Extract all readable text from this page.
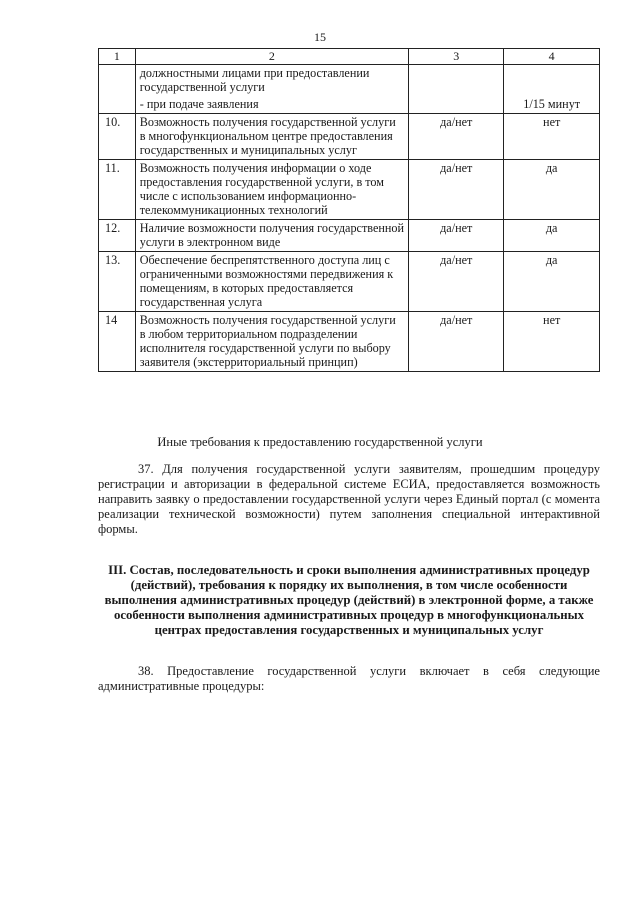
15
1	2	3	4
	должностными лицами при предоставлении государственной услуги		
	- при подаче заявления		1/15 минут
10.	Возможность получения государственной услуги в многофункциональном центре предоставления государственных и муниципальных услуг	да/нет	нет
11.	Возможность получения информации о ходе предоставления государственной услуги, в том числе с использованием информационно-телекоммуникационных технологий	да/нет	да
12.	Наличие возможности получения государственной услуги в электронном виде	да/нет	да
13.	Обеспечение беспрепятственного доступа лиц с ограниченными возможностями передвижения к помещениям, в которых предоставляется государственная услуга	да/нет	да
14	Возможность получения государственной услуги в любом территориальном подразделении исполнителя государственной услуги по выбору заявителя (экстерриториальный принцип)	да/нет	нет
Иные требования к предоставлению государственной услуги

37. Для получения государственной услуги заявителям, прошедшим процедуру регистрации и авторизации в федеральной системе ЕСИА, предоставляется возможность направить заявку о предоставлении государственной услуги через Единый портал (с момента реализации технической возможности) путем заполнения специальной интерактивной формы.

III. Состав, последовательность и сроки выполнения административных процедур (действий), требования к порядку их выполнения, в том числе особенности выполнения административных процедур (действий) в электронной форме, а также особенности выполнения административных процедур в многофункциональных центрах предоставления государственных и муниципальных услуг

38. Предоставление государственной услуги включает в себя следующие административные процедуры:
